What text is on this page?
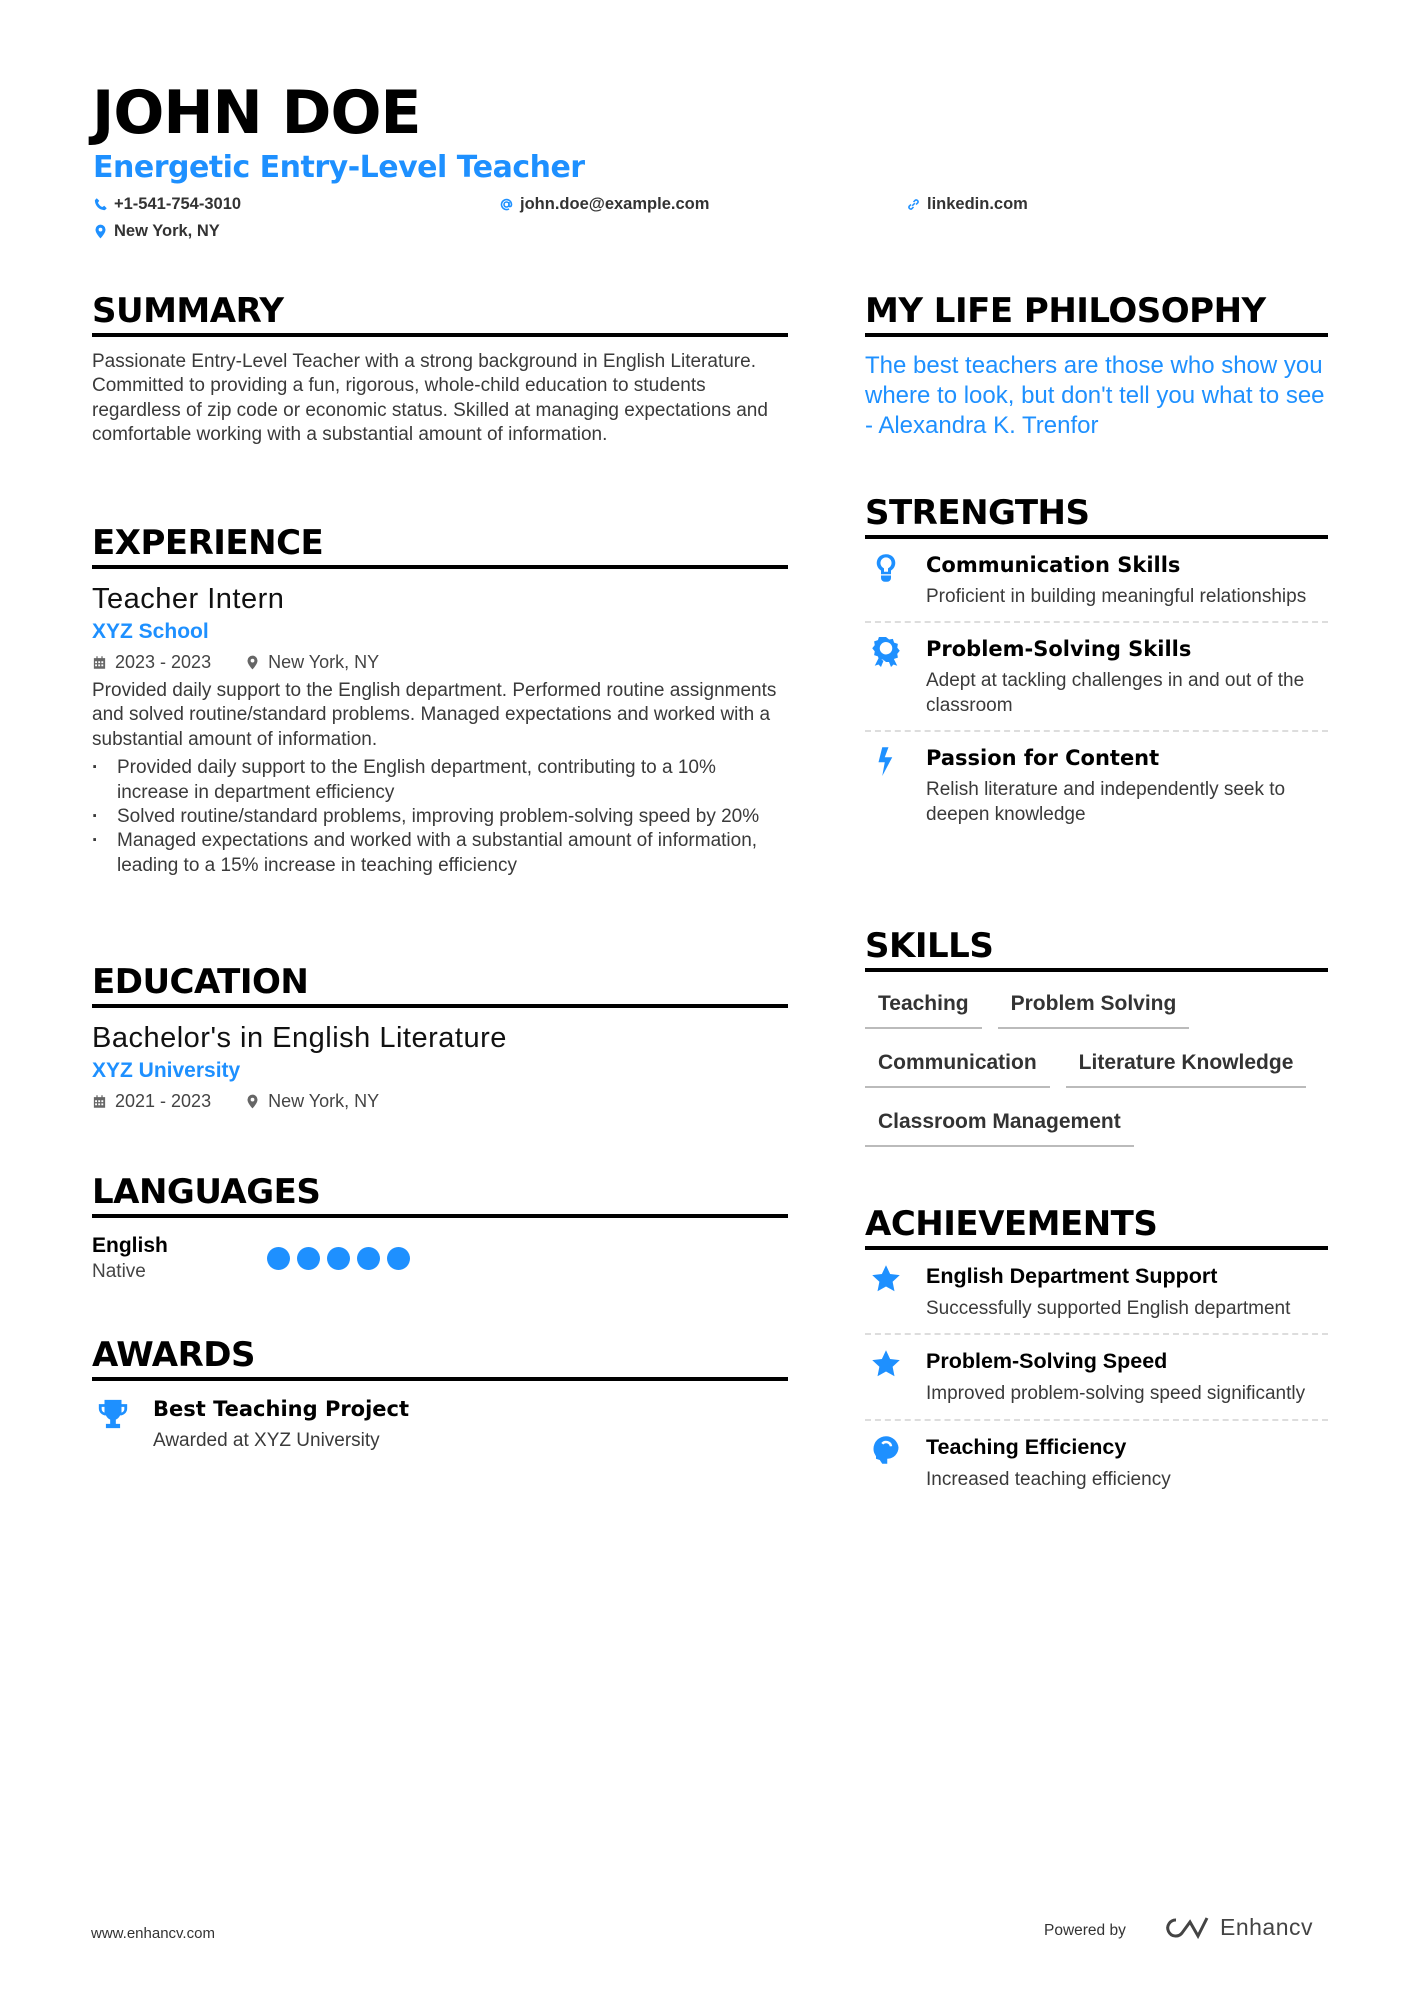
JOHN DOE
Energetic Entry-Level Teacher
+1-541-754-3010	john.doe@example.com	linkedin.com
New York, NY
SUMMARY

Passionate Entry-Level Teacher with a strong background in English Literature. Committed to providing a fun, rigorous, whole-child education to students regardless of zip code or economic status. Skilled at managing expectations and comfortable working with a substantial amount of information.

EXPERIENCE
Teacher Intern
XYZ School
2023 - 2023	New York, NY

Provided daily support to the English department. Performed routine assignments and solved routine/standard problems. Managed expectations and worked with a substantial amount of information.

· Provided daily support to the English department, contributing to a 10% increase in department efficiency
· Solved routine/standard problems, improving problem-solving speed by 20%
· Managed expectations and worked with a substantial amount of information, leading to a 15% increase in teaching efficiency
EDUCATION
Bachelor's in English Literature
XYZ University
2021 - 2023	New York, NY
LANGUAGES
English
Native
AWARDS
Best Teaching Project
Awarded at XYZ University
MY LIFE PHILOSOPHY

The best teachers are those who show you where to look, but don't tell you what to see - Alexandra K. Trenfor

STRENGTHS
Communication Skills
Proficient in building meaningful relationships
Problem-Solving Skills
Adept at tackling challenges in and out of the classroom
Passion for Content
Relish literature and independently seek to deepen knowledge
SKILLS
Teaching	Problem Solving
Communication	Literature Knowledge
Classroom Management
ACHIEVEMENTS
English Department Support
Successfully supported English department
Problem-Solving Speed
Improved problem-solving speed significantly
Teaching Efficiency
Increased teaching efficiency
www.enhancv.com	Powered by	Enhancv
